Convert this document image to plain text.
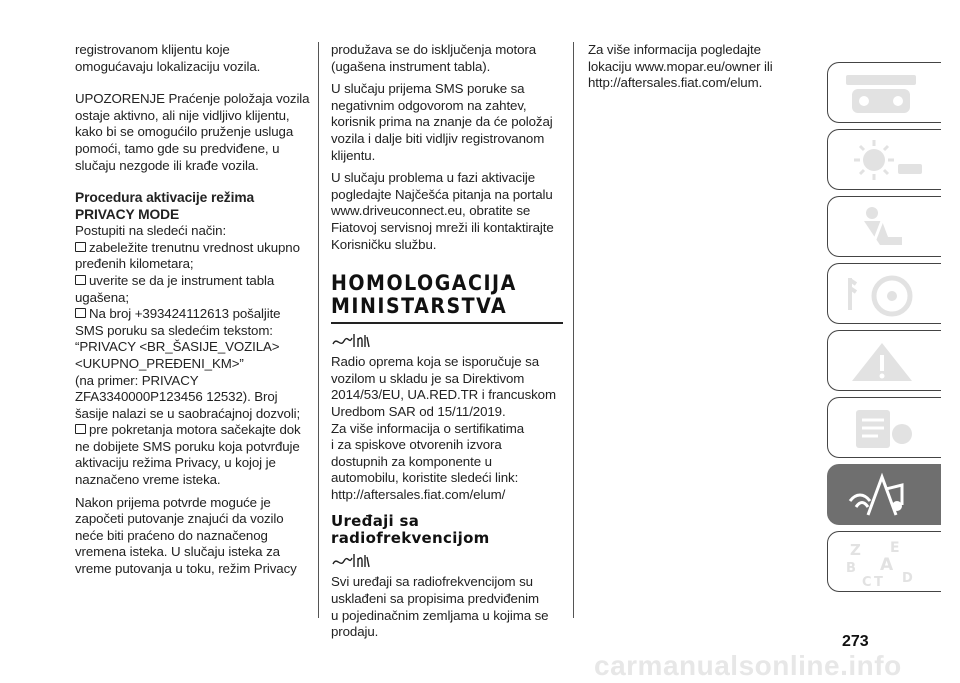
registrovanom klijentu koje

omogućavaju lokalizaciju vozila.

UPOZORENJE Praćenje položaja vozila

ostaje aktivno, ali nije vidljivo klijentu,

kako bi se omogućilo pruženje usluga

pomoći, tamo gde su predviđene, u

slučaju nezgode ili krađe vozila.

Procedura aktivacije režima

PRIVACY MODE

Postupiti na sledeći način:

zabeležite trenutnu vrednost ukupno

pređenih kilometara;

uverite se da je instrument tabla

ugašena;

Na broj +393424112613 pošaljite

SMS poruku sa sledećim tekstom:

“PRIVACY <BR_ŠASIJE_VOZILA>

<UKUPNO_PREĐENI_KM>”

(na primer: PRIVACY

ZFA3340000P123456 12532). Broj

šasije nalazi se u saobraćajnoj dozvoli;

pre pokretanja motora sačekajte dok

ne dobijete SMS poruku koja potvrđuje

aktivaciju režima Privacy, u kojoj je

naznačeno vreme isteka.

Nakon prijema potvrde moguće je

započeti putovanje znajući da vozilo

neće biti praćeno do naznačenog

vremena isteka. U slučaju isteka za

vreme putovanja u toku, režim Privacy

produžava se do isključenja motora

(ugašena instrument tabla).

U slučaju prijema SMS poruke sa

negativnim odgovorom na zahtev,

korisnik prima na znanje da će položaj

vozila i dalje biti vidljiv registrovanom

klijentu.

U slučaju problema u fazi aktivacije

pogledajte Najčešća pitanja na portalu

www.driveuconnect.eu, obratite se

Fiatovoj servisnoj mreži ili kontaktirajte

Korisničku službu.

HOMOLOGACIJA

MINISTARSTVA

Radio oprema koja se isporučuje sa

vozilom u skladu je sa Direktivom

2014/53/EU, UA.RED.TR i francuskom

Uredbom SAR od 15/11/2019.

Za više informacija o sertifikatima

i za spiskove otvorenih izvora

dostupnih za komponente u

automobilu, koristite sledeći link:

http://aftersales.fiat.com/elum/

Uređaji sa

radiofrekvencijom

Svi uređaji sa radiofrekvencijom su

usklađeni sa propisima predviđenim

u pojedinačnim zemljama u kojima se

prodaju.

Za više informacija pogledajte

lokaciju www.mopar.eu/owner ili

http://aftersales.fiat.com/elum.

Z E
B A
C T D
273
carmanualsonline.info
